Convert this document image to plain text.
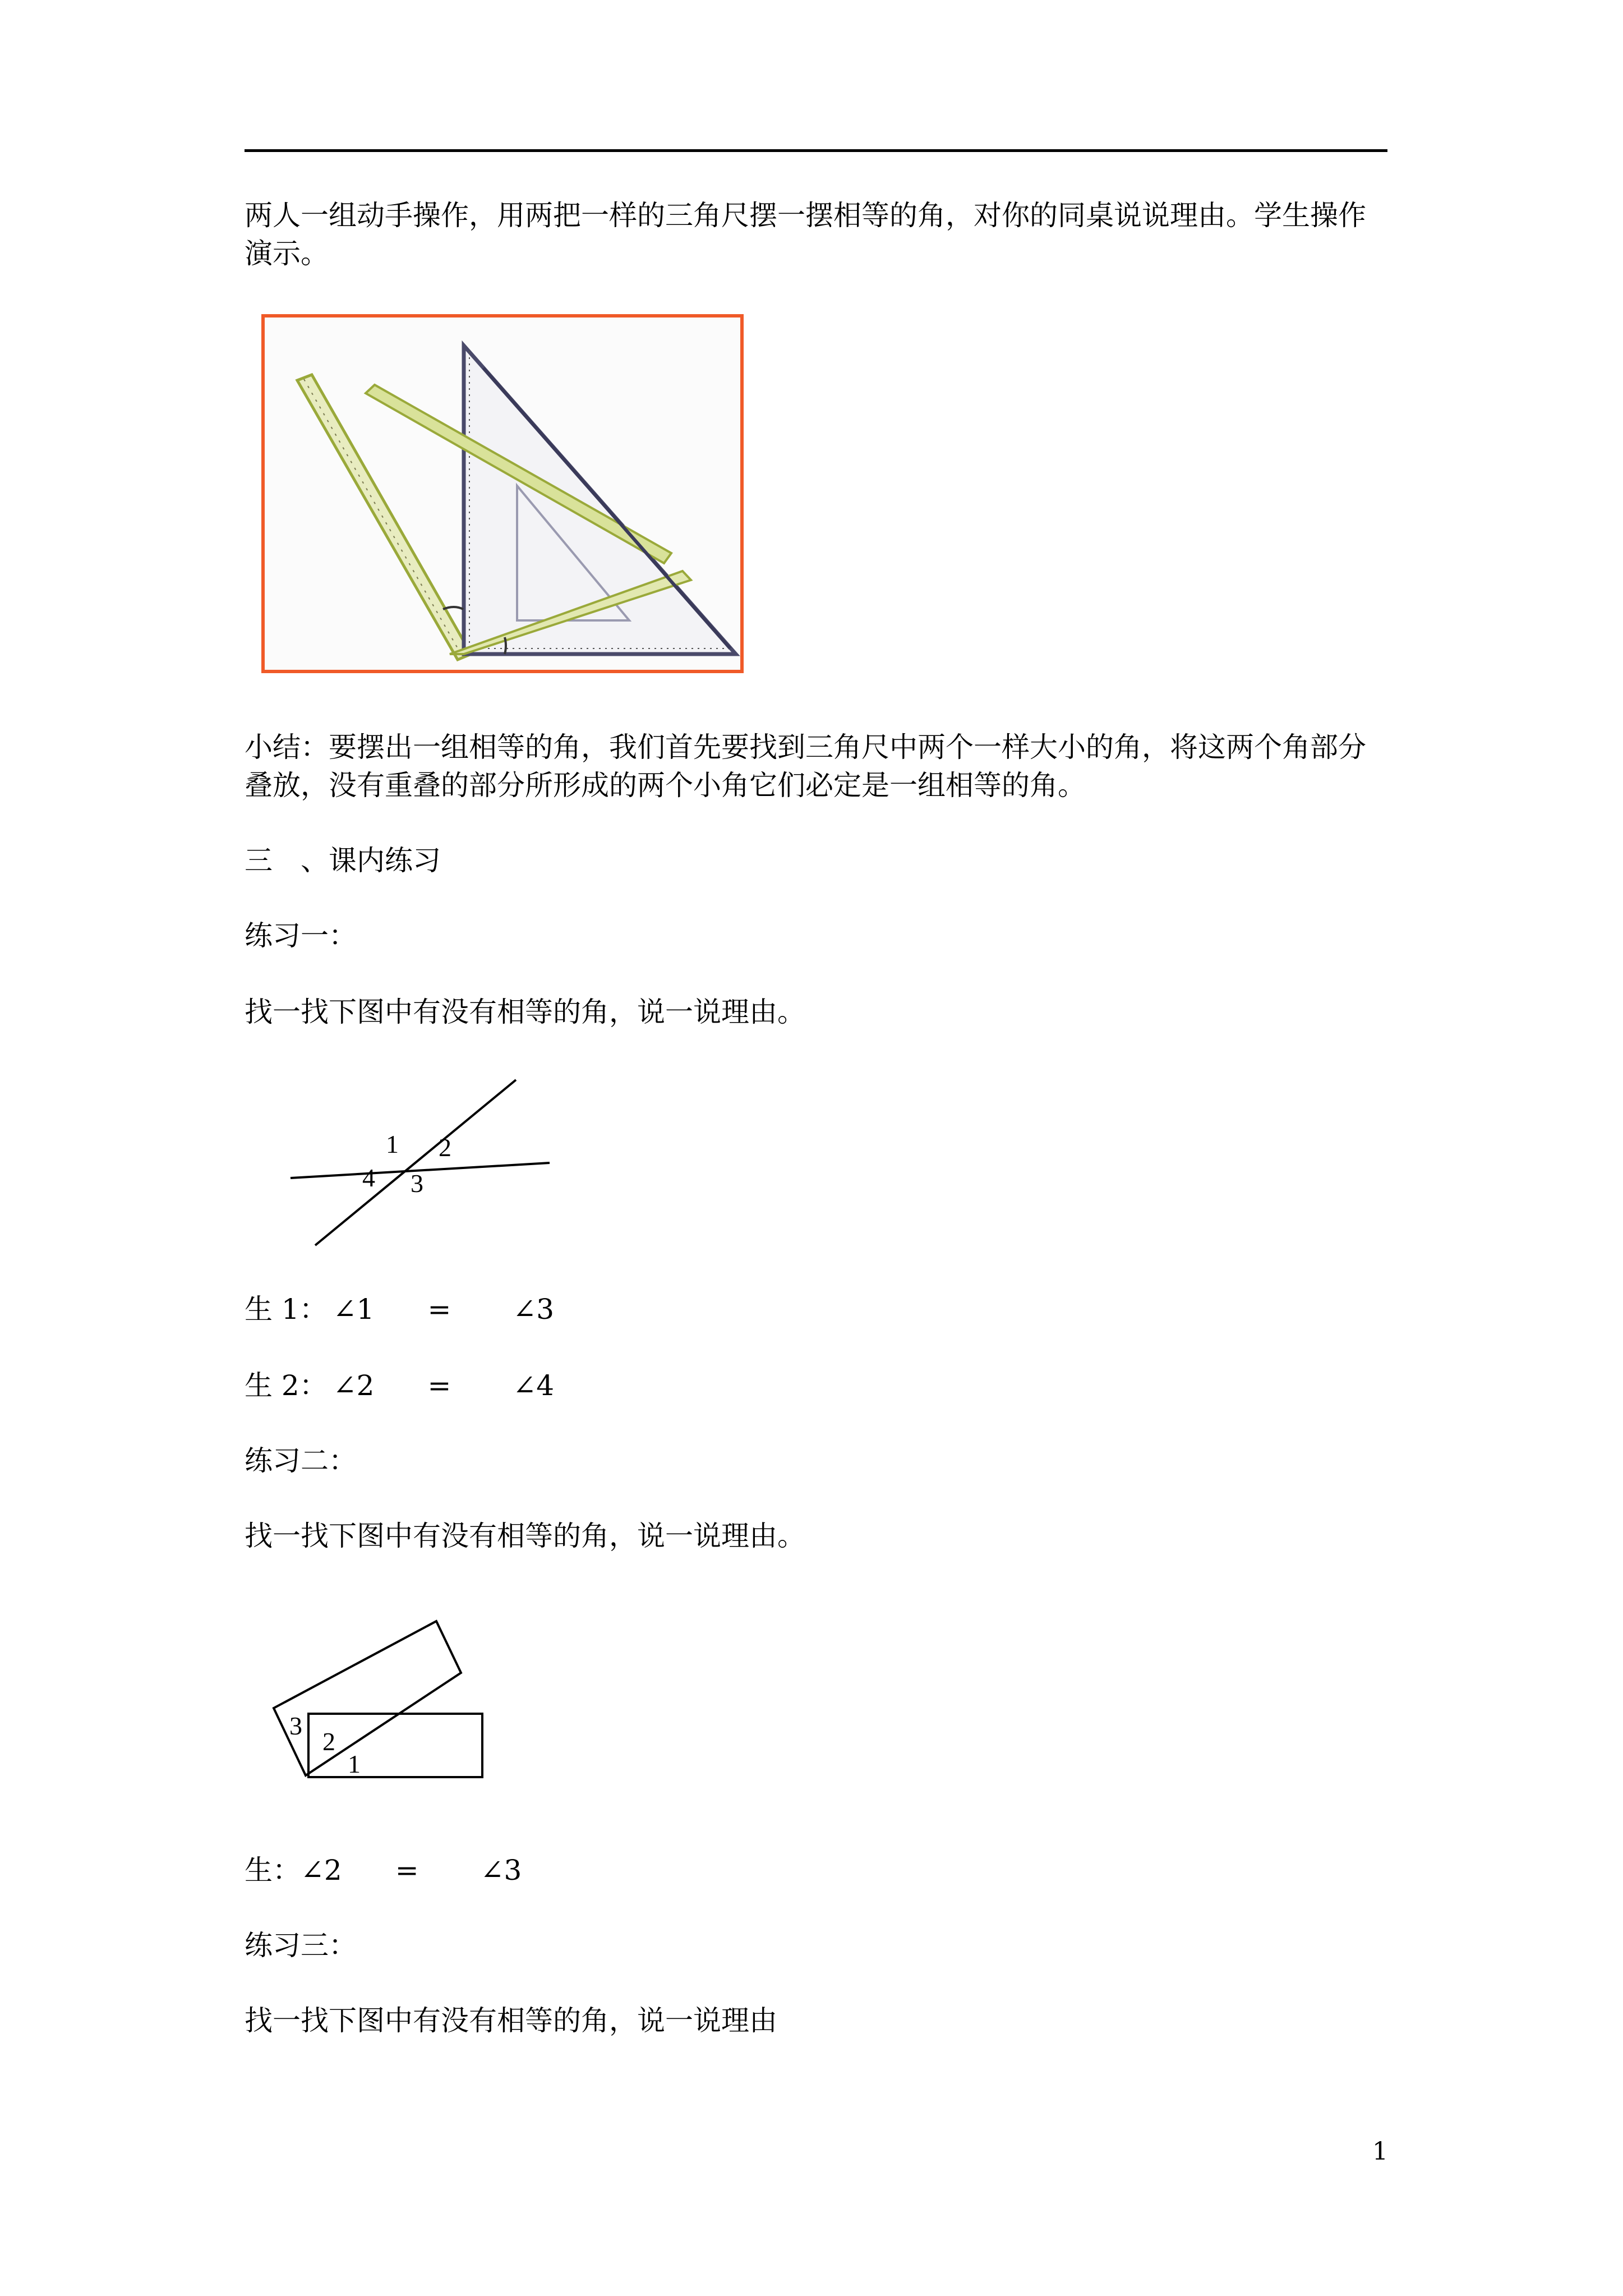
两人一组动手操作，用两把一样的三角尺摆一摆相等的角，对你的同桌说说理由。学生操作

演示。

小结：要摆出一组相等的角，我们首先要找到三角尺中两个一样大小的角，将这两个角部分

叠放，没有重叠的部分所形成的两个小角它们必定是一组相等的角。

三　、课内练习

练习一：

找一找下图中有没有相等的角，说一说理由。

1 2
3
4

生 1： ∠1 = ∠3

生 2： ∠2 = ∠4

练习二：

找一找下图中有没有相等的角，说一说理由。

3
2
1

生：∠2 = ∠3

练习三：

找一找下图中有没有相等的角，说一说理由

1
